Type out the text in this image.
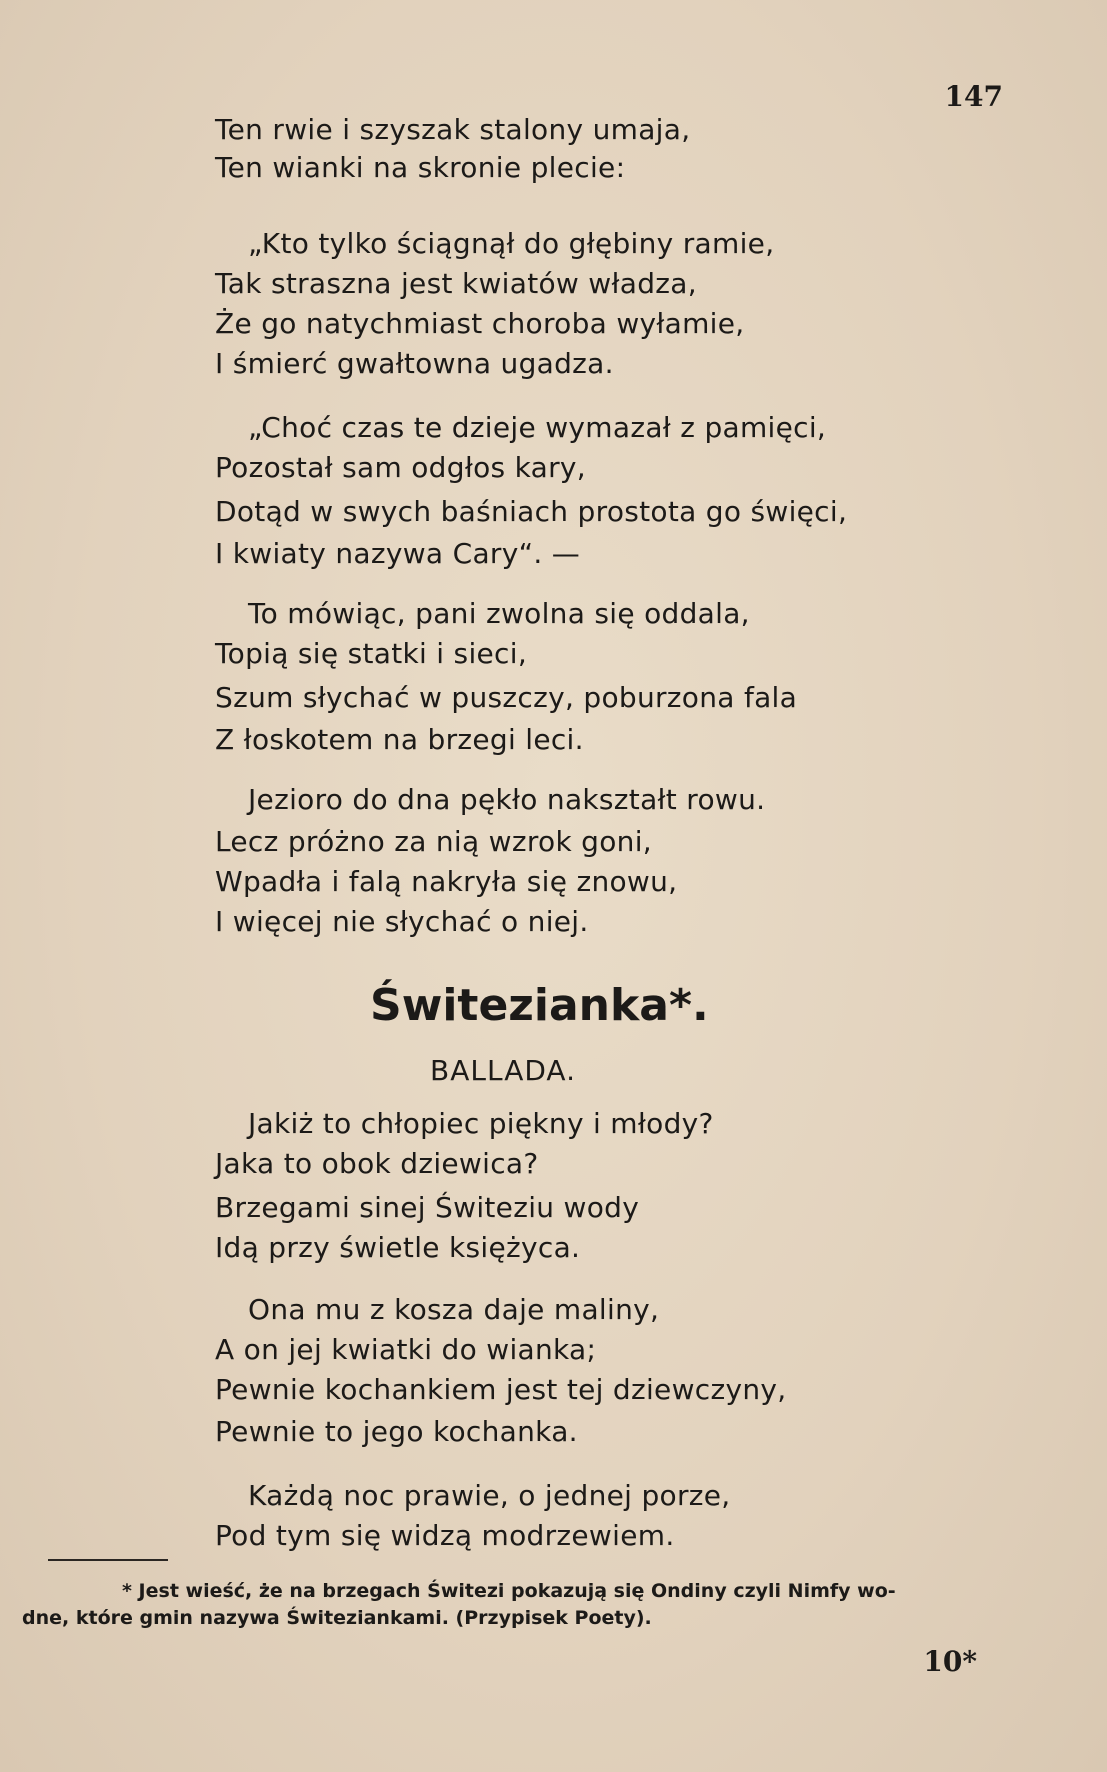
147
Ten rwie i szyszak stalony umaja,
Ten wianki na skronie plecie:
„Kto tylko ściągnął do głębiny ramie,
Tak straszna jest kwiatów władza,
Że go natychmiast choroba wyłamie,
I śmierć gwałtowna ugadza.
„Choć czas te dzieje wymazał z pamięci,
Pozostał sam odgłos kary,
Dotąd w swych baśniach prostota go święci,
I kwiaty nazywa Cary“. —
To mówiąc, pani zwolna się oddala,
Topią się statki i sieci,
Szum słychać w puszczy, poburzona fala
Z łoskotem na brzegi leci.
Jezioro do dna pękło nakształt rowu.
Lecz próżno za nią wzrok goni,
Wpadła i falą nakryła się znowu,
I więcej nie słychać o niej.
Świtezianka*.
BALLADA.
Jakiż to chłopiec piękny i młody?
Jaka to obok dziewica?
Brzegami sinej Świteziu wody
Idą przy świetle księżyca.
Ona mu z kosza daje maliny,
A on jej kwiatki do wianka;
Pewnie kochankiem jest tej dziewczyny,
Pewnie to jego kochanka.
Każdą noc prawie, o jednej porze,
Pod tym się widzą modrzewiem.
* Jest wieść, że na brzegach Świtezi pokazują się Ondiny czyli Nimfy wo-
dne, które gmin nazywa Świteziankami. (Przypisek Poety).
10*
